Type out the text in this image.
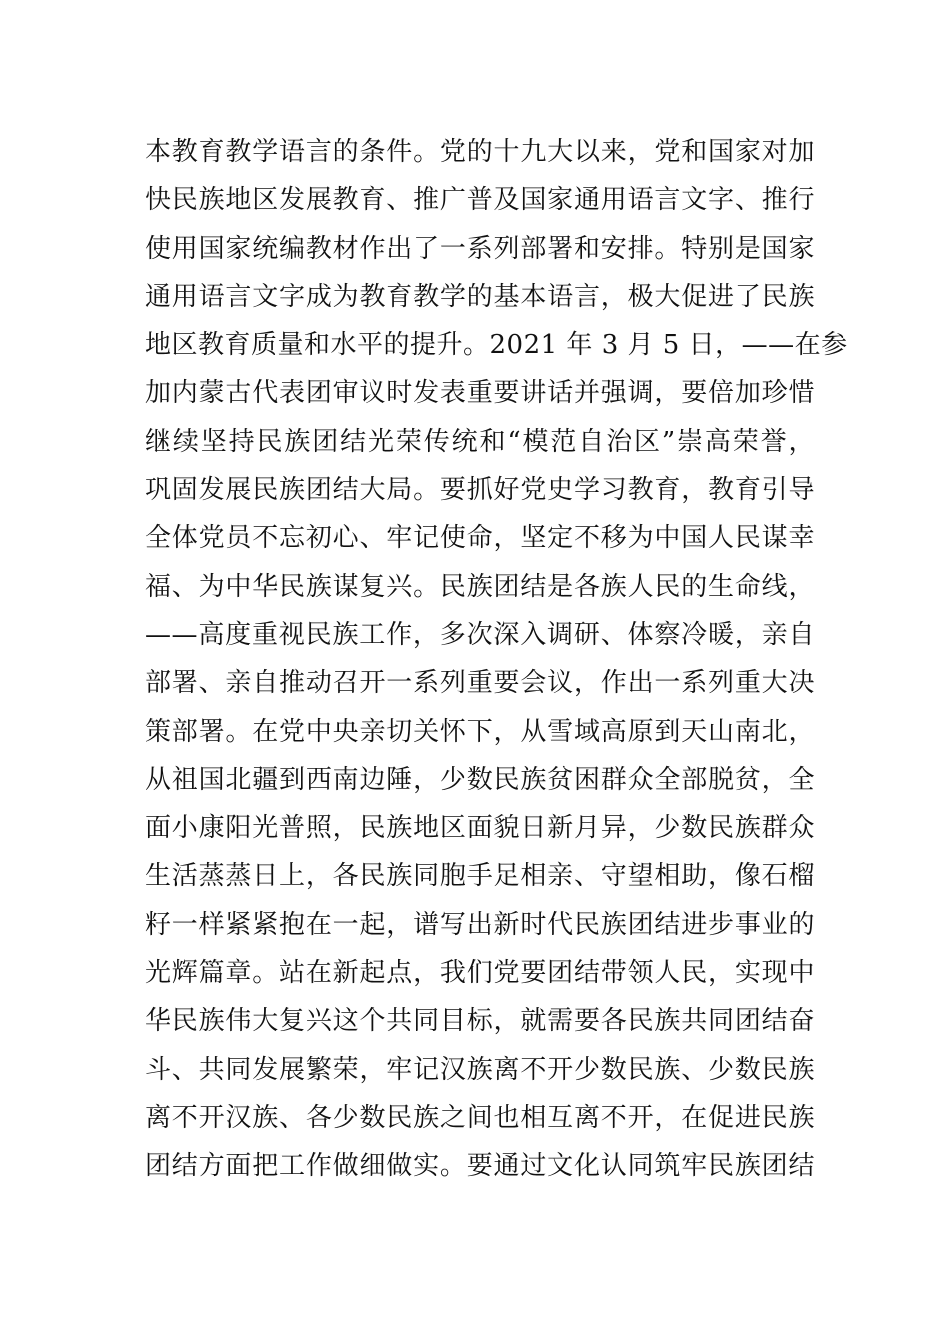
本教育教学语言的条件。党的十九大以来，党和国家对加
快民族地区发展教育、推广普及国家通用语言文字、推行
使用国家统编教材作出了一系列部署和安排。特别是国家
通用语言文字成为教育教学的基本语言，极大促进了民族
地区教育质量和水平的提升。2021 年 3 月 5 日，——在参
加内蒙古代表团审议时发表重要讲话并强调，要倍加珍惜
继续坚持民族团结光荣传统和“模范自治区”崇高荣誉，
巩固发展民族团结大局。要抓好党史学习教育，教育引导
全体党员不忘初心、牢记使命，坚定不移为中国人民谋幸
福、为中华民族谋复兴。民族团结是各族人民的生命线，
——高度重视民族工作，多次深入调研、体察冷暖，亲自
部署、亲自推动召开一系列重要会议，作出一系列重大决
策部署。在党中央亲切关怀下，从雪域高原到天山南北，
从祖国北疆到西南边陲，少数民族贫困群众全部脱贫，全
面小康阳光普照，民族地区面貌日新月异，少数民族群众
生活蒸蒸日上，各民族同胞手足相亲、守望相助，像石榴
籽一样紧紧抱在一起，谱写出新时代民族团结进步事业的
光辉篇章。站在新起点，我们党要团结带领人民，实现中
华民族伟大复兴这个共同目标，就需要各民族共同团结奋
斗、共同发展繁荣，牢记汉族离不开少数民族、少数民族
离不开汉族、各少数民族之间也相互离不开，在促进民族
团结方面把工作做细做实。要通过文化认同筑牢民族团结
